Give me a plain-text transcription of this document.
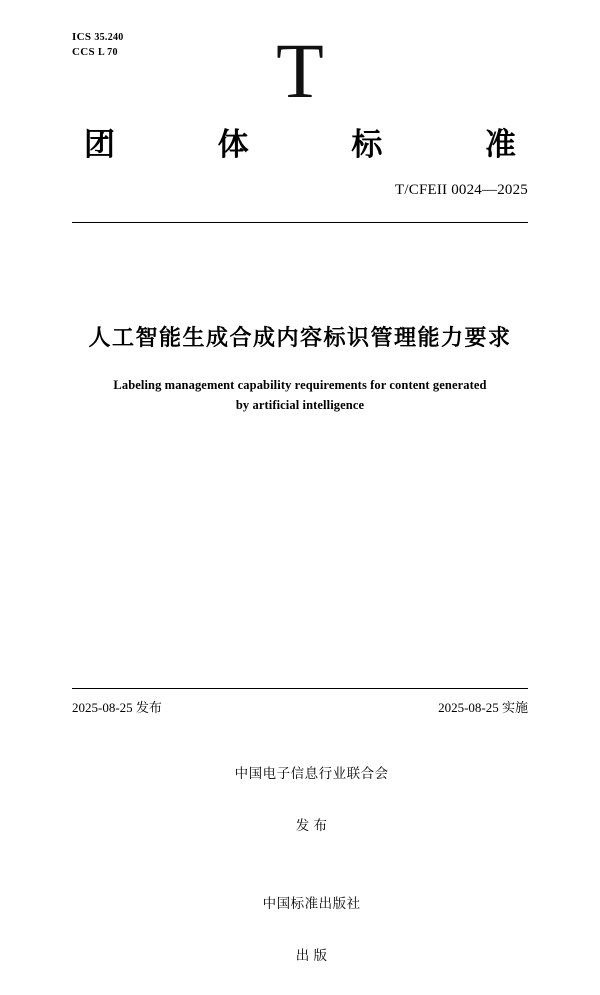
ICS 35.240
CCS L 70 T
团	体	标	准
T/CFEII 0024—2025
人工智能生成合成内容标识管理能力要求
Labeling management capability requirements for content generated
by artificial intelligence
2025-08-25 发布	2025-08-25 实施

中国电子信息行业联合会

发 布

中国标准出版社

出 版
